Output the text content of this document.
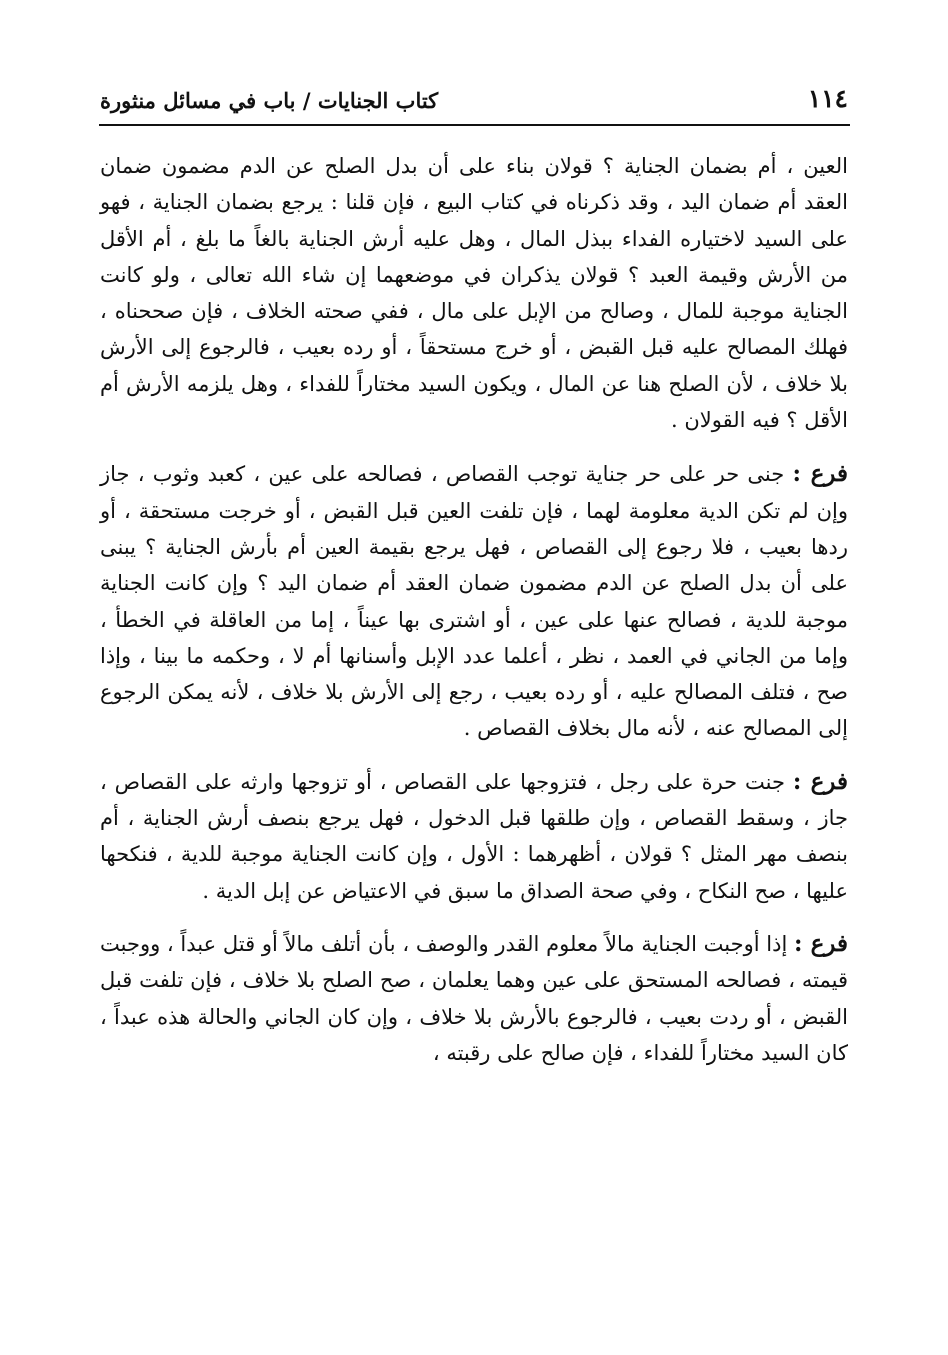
١١٤
كتاب الجنايات / باب في مسائل منثورة

العين ، أم بضمان الجناية ؟ قولان بناء على أن بدل الصلح عن الدم مضمون ضمان العقد أم ضمان اليد ، وقد ذكرناه في كتاب البيع ، فإن قلنا : يرجع بضمان الجناية ، فهو على السيد لاختياره الفداء ببذل المال ، وهل عليه أرش الجناية بالغاً ما بلغ ، أم الأقل من الأرش وقيمة العبد ؟ قولان يذكران في موضعهما إن شاء الله تعالى ، ولو كانت الجناية موجبة للمال ، وصالح من الإبل على مال ، ففي صحته الخلاف ، فإن صححناه ، فهلك المصالح عليه قبل القبض ، أو خرج مستحقاً ، أو رده بعيب ، فالرجوع إلى الأرش بلا خلاف ، لأن الصلح هنا عن المال ، ويكون السيد مختاراً للفداء ، وهل يلزمه الأرش أم الأقل ؟ فيه القولان .

فرع : جنى حر على حر جناية توجب القصاص ، فصالحه على عين ، كعبد وثوب ، جاز وإن لم تكن الدية معلومة لهما ، فإن تلفت العين قبل القبض ، أو خرجت مستحقة ، أو ردها بعيب ، فلا رجوع إلى القصاص ، فهل يرجع بقيمة العين أم بأرش الجناية ؟ يبنى على أن بدل الصلح عن الدم مضمون ضمان العقد أم ضمان اليد ؟ وإن كانت الجناية موجبة للدية ، فصالح عنها على عين ، أو اشترى بها عيناً ، إما من العاقلة في الخطأ ، وإما من الجاني في العمد ، نظر ، أعلما عدد الإبل وأسنانها أم لا ، وحكمه ما بينا ، وإذا صح ، فتلف المصالح عليه ، أو رده بعيب ، رجع إلى الأرش بلا خلاف ، لأنه يمكن الرجوع إلى المصالح عنه ، لأنه مال بخلاف القصاص .

فرع : جنت حرة على رجل ، فتزوجها على القصاص ، أو تزوجها وارثه على القصاص ، جاز ، وسقط القصاص ، وإن طلقها قبل الدخول ، فهل يرجع بنصف أرش الجناية ، أم بنصف مهر المثل ؟ قولان ، أظهرهما : الأول ، وإن كانت الجناية موجبة للدية ، فنكحها عليها ، صح النكاح ، وفي صحة الصداق ما سبق في الاعتياض عن إبل الدية .

فرع : إذا أوجبت الجناية مالاً معلوم القدر والوصف ، بأن أتلف مالاً أو قتل عبداً ، ووجبت قيمته ، فصالحه المستحق على عين وهما يعلمان ، صح الصلح بلا خلاف ، فإن تلفت قبل القبض ، أو ردت بعيب ، فالرجوع بالأرش بلا خلاف ، وإن كان الجاني والحالة هذه عبداً ، كان السيد مختاراً للفداء ، فإن صالح على رقبته ،
